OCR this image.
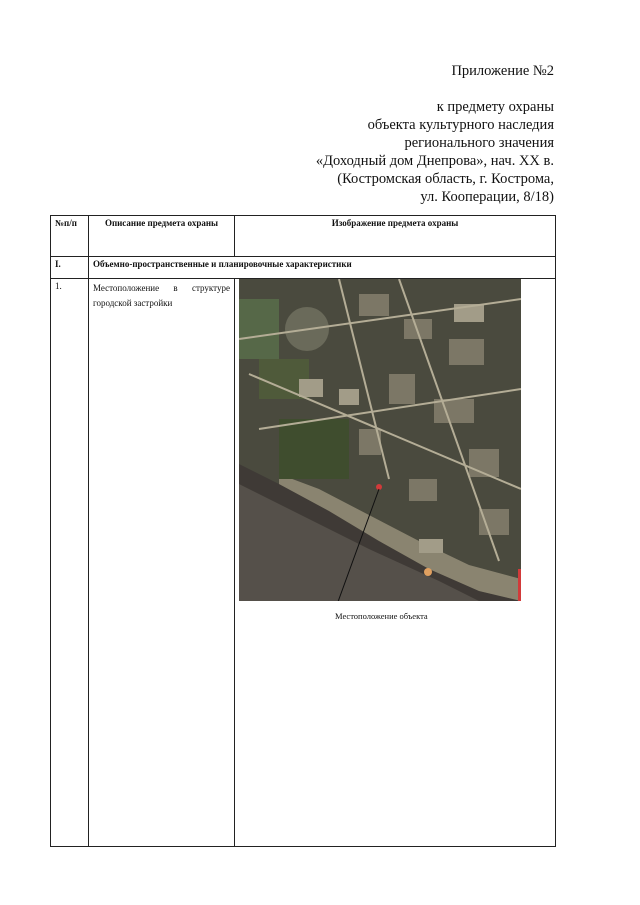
Приложение №2
к предмету охраны
объекта культурного наследия
регионального значения
«Доходный дом Днепрова», нач. XX в.
(Костромская область, г. Кострома,
ул. Кооперации, 8/18)
№п/п	Описание предмета охраны	Изображение предмета охраны
I.	Объемно-пространственные и планировочные характеристики	
1.	Местоположение в структуре городской застройки	Местоположение объекта
